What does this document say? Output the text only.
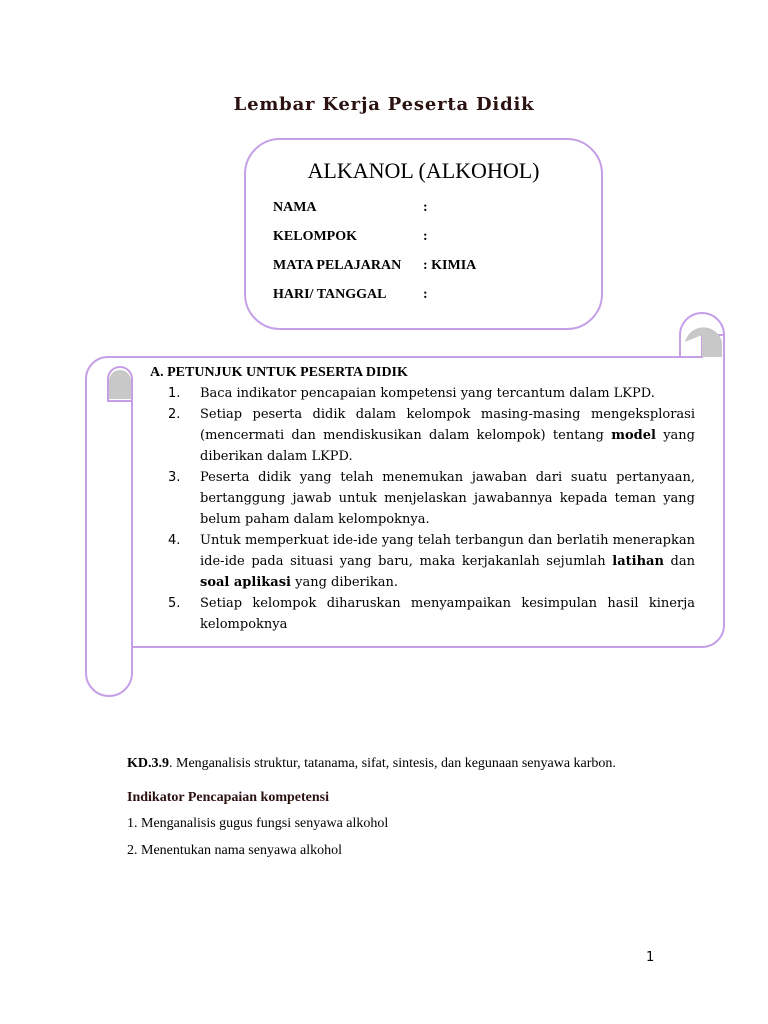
Lembar Kerja Peserta Didik
ALKANOL (ALKOHOL)
NAMA	:
KELOMPOK	:
MATA PELAJARAN : KIMIA
HARI/ TANGGAL	:
A. PETUNJUK UNTUK PESERTA DIDIK
1. Baca indikator pencapaian kompetensi yang tercantum dalam LKPD.
2. Setiap peserta didik dalam kelompok masing-masing mengeksplorasi (mencermati dan mendiskusikan dalam kelompok) tentang model yang diberikan dalam LKPD.
3. Peserta didik yang telah menemukan jawaban dari suatu pertanyaan, bertanggung jawab untuk menjelaskan jawabannya kepada teman yang belum paham dalam kelompoknya.
4. Untuk memperkuat ide-ide yang telah terbangun dan berlatih menerapkan ide-ide pada situasi yang baru, maka kerjakanlah sejumlah latihan dan soal aplikasi yang diberikan.
5. Setiap kelompok diharuskan menyampaikan kesimpulan hasil kinerja kelompoknya
KD.3.9. Menganalisis struktur, tatanama, sifat, sintesis, dan kegunaan senyawa karbon.
Indikator Pencapaian kompetensi
1. Menganalisis gugus fungsi senyawa alkohol
2. Menentukan nama senyawa alkohol
1
